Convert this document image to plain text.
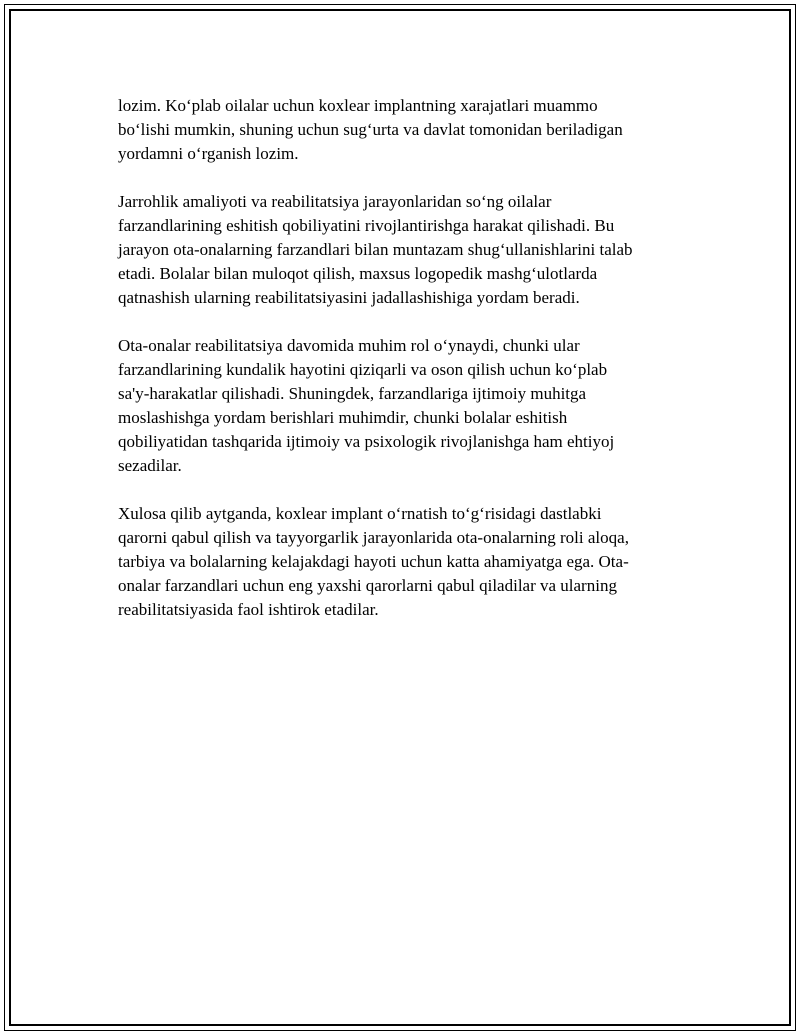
lozim. Koʻplab oilalar uchun koxlear implantning xarajatlari muammo
boʻlishi mumkin, shuning uchun sugʻurta va davlat tomonidan beriladigan
yordamni oʻrganish lozim.

Jarrohlik amaliyoti va reabilitatsiya jarayonlaridan soʻng oilalar
farzandlarining eshitish qobiliyatini rivojlantirishga harakat qilishadi. Bu
jarayon ota-onalarning farzandlari bilan muntazam shugʻullanishlarini talab
etadi. Bolalar bilan muloqot qilish, maxsus logopedik mashgʻulotlarda
qatnashish ularning reabilitatsiyasini jadallashishiga yordam beradi.

Ota-onalar reabilitatsiya davomida muhim rol oʻynaydi, chunki ular
farzandlarining kundalik hayotini qiziqarli va oson qilish uchun koʻplab
sa'y-harakatlar qilishadi. Shuningdek, farzandlariga ijtimoiy muhitga
moslashishga yordam berishlari muhimdir, chunki bolalar eshitish
qobiliyatidan tashqarida ijtimoiy va psixologik rivojlanishga ham ehtiyoj
sezadilar.

Xulosa qilib aytganda, koxlear implant oʻrnatish toʻgʻrisidagi dastlabki
qarorni qabul qilish va tayyorgarlik jarayonlarida ota-onalarning roli aloqa,
tarbiya va bolalarning kelajakdagi hayoti uchun katta ahamiyatga ega. Ota-
onalar farzandlari uchun eng yaxshi qarorlarni qabul qiladilar va ularning
reabilitatsiyasida faol ishtirok etadilar.
